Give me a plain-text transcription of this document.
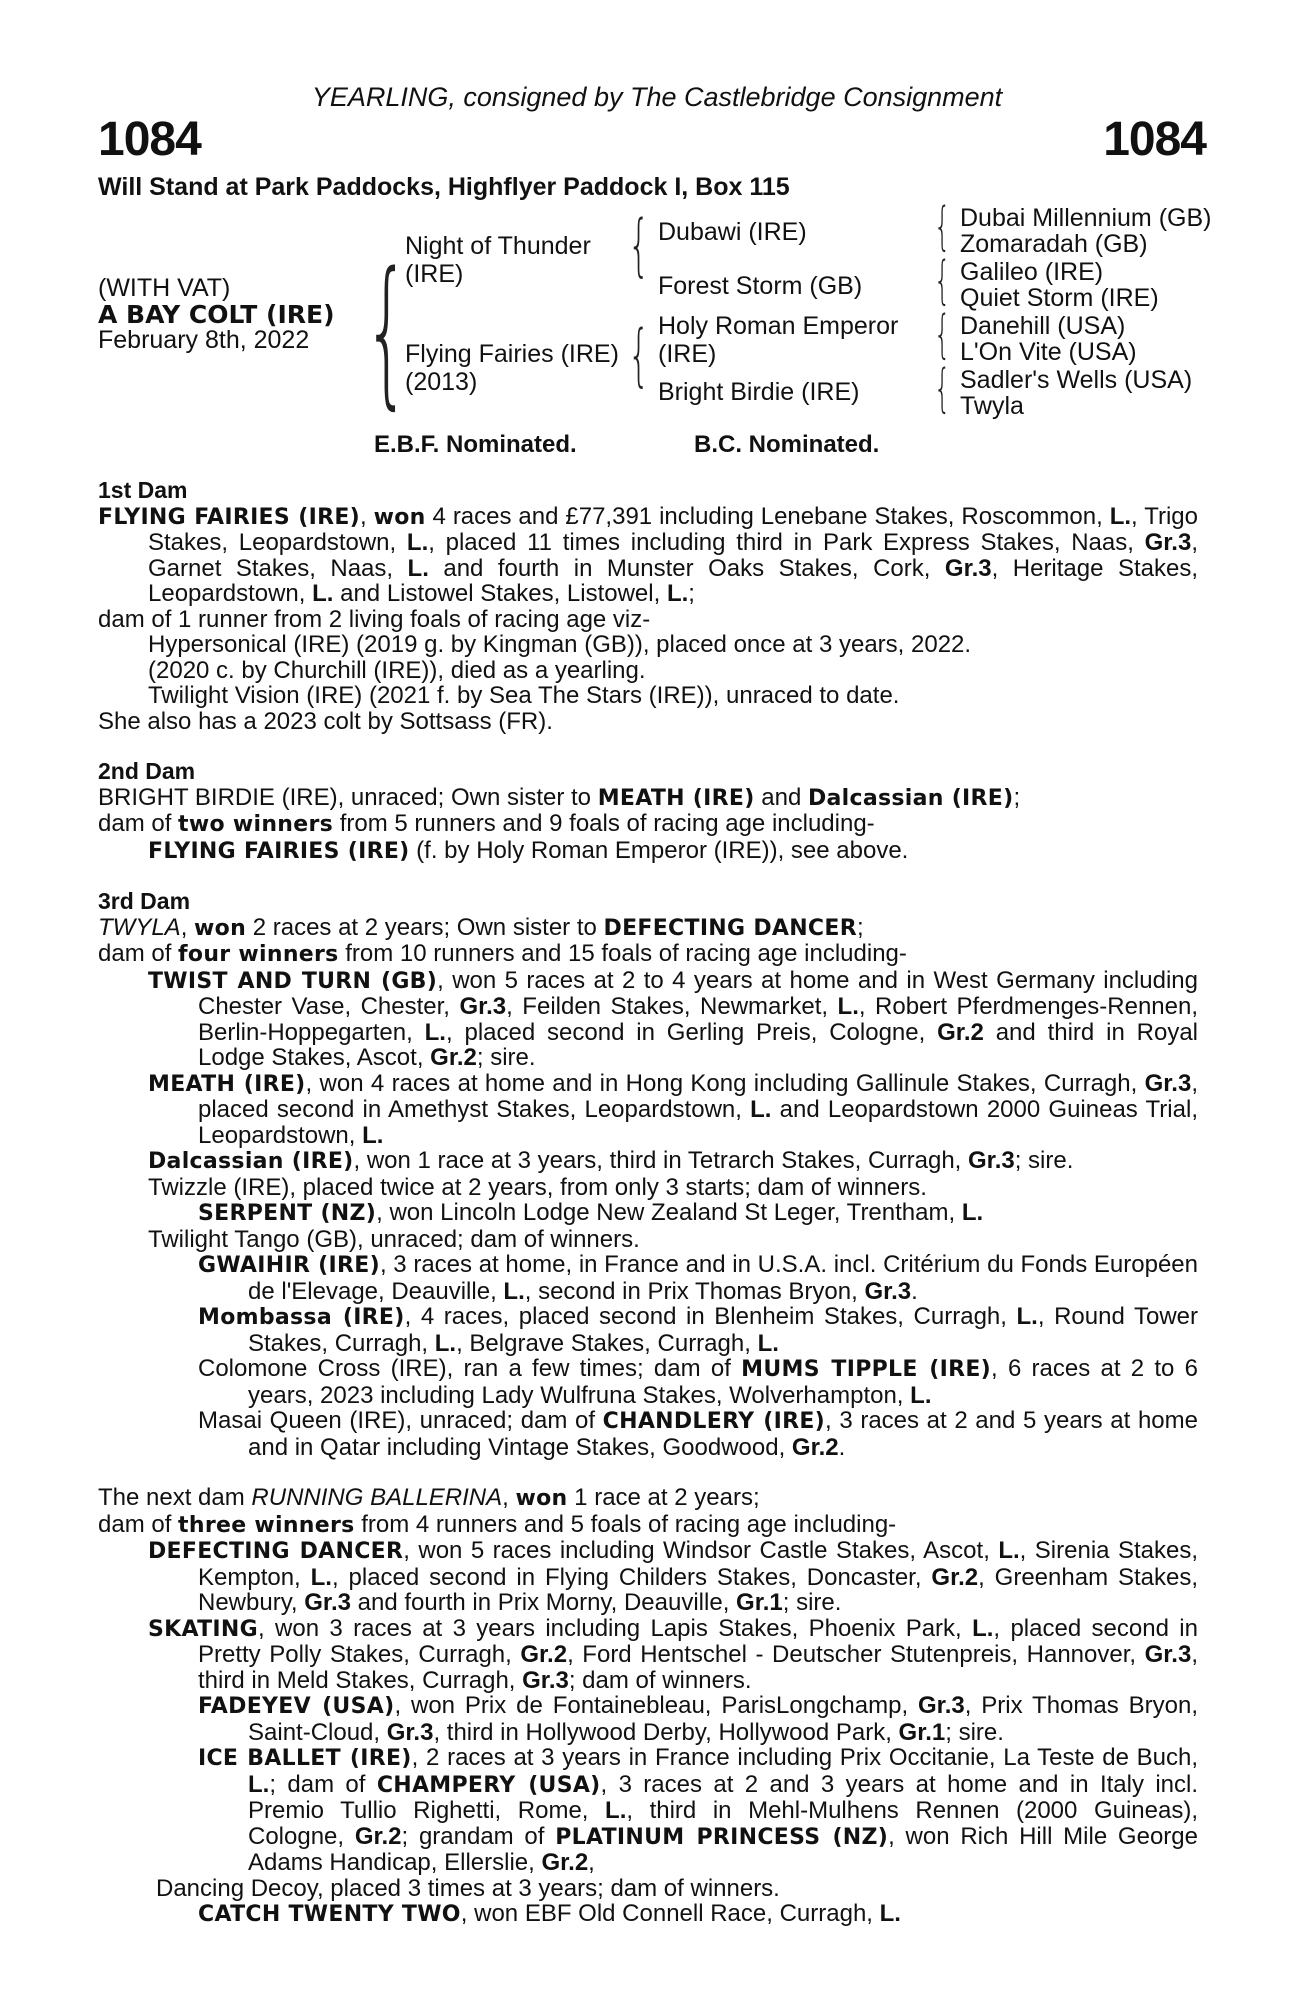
YEARLING, consigned by The Castlebridge Consignment
1084	1084
Will Stand at Park Paddocks, Highflyer Paddock I, Box 115
(WITH VAT)
A BAY COLT (IRE)
February 8th, 2022 {
Night of Thunder
(IRE)
Flying Fairies (IRE)
(2013)
{ Dubawi (IRE)
Forest Storm (GB)
{ Holy Roman Emperor
(IRE)
Bright Birdie (IRE)
{ Dubai Millennium (GB)
Zomaradah (GB)
{ Galileo (IRE)
Quiet Storm (IRE)
{ Danehill (USA)
L'On Vite (USA)
{ Sadler's Wells (USA)
Twyla
E.B.F. Nominated.	B.C. Nominated.
1st Dam

FLYING FAIRIES (IRE), won 4 races and £77,391 including Lenebane Stakes, Roscommon, L., Trigo Stakes, Leopardstown, L., placed 11 times including third in Park Express Stakes, Naas, Gr.3, Garnet Stakes, Naas, L. and fourth in Munster Oaks Stakes, Cork, Gr.3, Heritage Stakes, Leopardstown, L. and Listowel Stakes, Listowel, L.;

dam of 1 runner from 2 living foals of racing age viz-

Hypersonical (IRE) (2019 g. by Kingman (GB)), placed once at 3 years, 2022.

(2020 c. by Churchill (IRE)), died as a yearling.

Twilight Vision (IRE) (2021 f. by Sea The Stars (IRE)), unraced to date.

She also has a 2023 colt by Sottsass (FR).

2nd Dam

BRIGHT BIRDIE (IRE), unraced; Own sister to MEATH (IRE) and Dalcassian (IRE);

dam of two winners from 5 runners and 9 foals of racing age including-

FLYING FAIRIES (IRE) (f. by Holy Roman Emperor (IRE)), see above.

3rd Dam

TWYLA, won 2 races at 2 years; Own sister to DEFECTING DANCER;

dam of four winners from 10 runners and 15 foals of racing age including-

TWIST AND TURN (GB), won 5 races at 2 to 4 years at home and in West Germany including Chester Vase, Chester, Gr.3, Feilden Stakes, Newmarket, L., Robert Pferdmenges-Rennen, Berlin-Hoppegarten, L., placed second in Gerling Preis, Cologne, Gr.2 and third in Royal Lodge Stakes, Ascot, Gr.2; sire.

MEATH (IRE), won 4 races at home and in Hong Kong including Gallinule Stakes, Curragh, Gr.3, placed second in Amethyst Stakes, Leopardstown, L. and Leopardstown 2000 Guineas Trial, Leopardstown, L.

Dalcassian (IRE), won 1 race at 3 years, third in Tetrarch Stakes, Curragh, Gr.3; sire.

Twizzle (IRE), placed twice at 2 years, from only 3 starts; dam of winners.

SERPENT (NZ), won Lincoln Lodge New Zealand St Leger, Trentham, L.

Twilight Tango (GB), unraced; dam of winners.

GWAIHIR (IRE), 3 races at home, in France and in U.S.A. incl. Critérium du Fonds Européen de l'Elevage, Deauville, L., second in Prix Thomas Bryon, Gr.3.

Mombassa (IRE), 4 races, placed second in Blenheim Stakes, Curragh, L., Round Tower Stakes, Curragh, L., Belgrave Stakes, Curragh, L.

Colomone Cross (IRE), ran a few times; dam of MUMS TIPPLE (IRE), 6 races at 2 to 6 years, 2023 including Lady Wulfruna Stakes, Wolverhampton, L.

Masai Queen (IRE), unraced; dam of CHANDLERY (IRE), 3 races at 2 and 5 years at home and in Qatar including Vintage Stakes, Goodwood, Gr.2.

The next dam RUNNING BALLERINA, won 1 race at 2 years;

dam of three winners from 4 runners and 5 foals of racing age including-

DEFECTING DANCER, won 5 races including Windsor Castle Stakes, Ascot, L., Sirenia Stakes, Kempton, L., placed second in Flying Childers Stakes, Doncaster, Gr.2, Greenham Stakes, Newbury, Gr.3 and fourth in Prix Morny, Deauville, Gr.1; sire.

SKATING, won 3 races at 3 years including Lapis Stakes, Phoenix Park, L., placed second in Pretty Polly Stakes, Curragh, Gr.2, Ford Hentschel - Deutscher Stutenpreis, Hannover, Gr.3, third in Meld Stakes, Curragh, Gr.3; dam of winners.

FADEYEV (USA), won Prix de Fontainebleau, ParisLongchamp, Gr.3, Prix Thomas Bryon, Saint-Cloud, Gr.3, third in Hollywood Derby, Hollywood Park, Gr.1; sire.

ICE BALLET (IRE), 2 races at 3 years in France including Prix Occitanie, La Teste de Buch, L.; dam of CHAMPERY (USA), 3 races at 2 and 3 years at home and in Italy incl. Premio Tullio Righetti, Rome, L., third in Mehl-Mulhens Rennen (2000 Guineas), Cologne, Gr.2; grandam of PLATINUM PRINCESS (NZ), won Rich Hill Mile George Adams Handicap, Ellerslie, Gr.2,

Dancing Decoy, placed 3 times at 3 years; dam of winners.

CATCH TWENTY TWO, won EBF Old Connell Race, Curragh, L.
